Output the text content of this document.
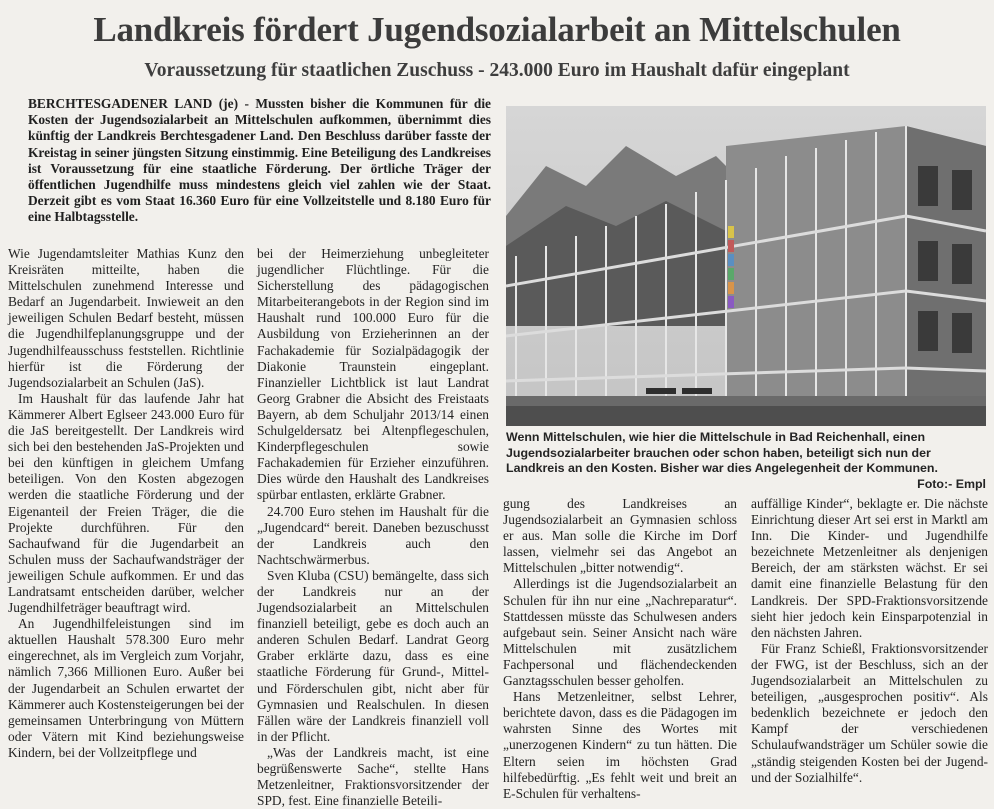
Landkreis fördert Jugendsozialarbeit an Mittelschulen
Voraussetzung für staatlichen Zuschuss - 243.000 Euro im Haushalt dafür eingeplant

BERCHTESGADENER LAND (je) - Mussten bisher die Kommunen für die Kosten der Jugendsozialarbeit an Mittelschulen aufkommen, übernimmt dies künftig der Landkreis Berchtesgadener Land. Den Beschluss darüber fasste der Kreistag in seiner jüngsten Sitzung einstimmig. Eine Beteiligung des Landkreises ist Voraussetzung für eine staatliche Förderung. Der örtliche Träger der öffentlichen Jugendhilfe muss mindestens gleich viel zahlen wie der Staat. Derzeit gibt es vom Staat 16.360 Euro für eine Vollzeitstelle und 8.180 Euro für eine Halbtagsstelle.

Wie Jugendamtsleiter Mathias Kunz den Kreisräten mitteilte, haben die Mittelschulen zunehmend Interesse und Bedarf an Jugendarbeit. Inwieweit an den jeweiligen Schulen Bedarf besteht, müssen die Jugendhilfeplanungsgruppe und der Jugendhilfeausschuss feststellen. Richtlinie hierfür ist die Förderung der Jugendsozialarbeit an Schulen (JaS).

Im Haushalt für das laufende Jahr hat Kämmerer Albert Eglseer 243.000 Euro für die JaS bereitgestellt. Der Landkreis wird sich bei den bestehenden JaS-Projekten und bei den künftigen in gleichem Umfang beteiligen. Von den Kosten abgezogen werden die staatliche Förderung und der Eigenanteil der Freien Träger, die die Projekte durchführen. Für den Sachaufwand für die Jugendarbeit an Schulen muss der Sachaufwandsträger der jeweiligen Schule aufkommen. Er und das Landratsamt entscheiden darüber, welcher Jugendhilfeträger beauftragt wird.

An Jugendhilfeleistungen sind im aktuellen Haushalt 578.300 Euro mehr eingerechnet, als im Vergleich zum Vorjahr, nämlich 7,366 Millionen Euro. Außer bei der Jugendarbeit an Schulen erwartet der Kämmerer auch Kostensteigerungen bei der gemeinsamen Unterbringung von Müttern oder Vätern mit Kind beziehungsweise Kindern, bei der Vollzeitpflege und

bei der Heimerziehung unbegleiteter jugendlicher Flüchtlinge. Für die Sicherstellung des pädagogischen Mitarbeiterangebots in der Region sind im Haushalt rund 100.000 Euro für die Ausbildung von Erzieherinnen an der Fachakademie für Sozialpädagogik der Diakonie Traunstein eingeplant. Finanzieller Lichtblick ist laut Landrat Georg Grabner die Absicht des Freistaats Bayern, ab dem Schuljahr 2013/14 einen Schulgeldersatz bei Altenpflegeschulen, Kinderpflegeschulen sowie Fachakademien für Erzieher einzuführen. Dies würde den Haushalt des Landkreises spürbar entlasten, erklärte Grabner.

24.700 Euro stehen im Haushalt für die „Jugendcard“ bereit. Daneben bezuschusst der Landkreis auch den Nachtschwärmerbus.

Sven Kluba (CSU) bemängelte, dass sich der Landkreis nur an der Jugendsozialarbeit an Mittelschulen finanziell beteiligt, gebe es doch auch an anderen Schulen Bedarf. Landrat Georg Graber erklärte dazu, dass es eine staatliche Förderung für Grund-, Mittel- und Förderschulen gibt, nicht aber für Gymnasien und Realschulen. In diesen Fällen wäre der Landkreis finanziell voll in der Pflicht.

„Was der Landkreis macht, ist eine begrüßenswerte Sache“, stellte Hans Metzenleitner, Fraktionsvorsitzender der SPD, fest. Eine finanzielle Beteili-

Wenn Mittelschulen, wie hier die Mittelschule in Bad Reichenhall, einen Jugendsozialarbeiter brauchen oder schon haben, beteiligt sich nun der Landkreis an den Kosten. Bisher war dies Angelegenheit der Kommunen.
Foto:- Empl

gung des Landkreises an Jugendsozialarbeit an Gymnasien schloss er aus. Man solle die Kirche im Dorf lassen, vielmehr sei das Angebot an Mittelschulen „bitter notwendig“.

Allerdings ist die Jugendsozialarbeit an Schulen für ihn nur eine „Nachreparatur“. Stattdessen müsste das Schulwesen anders aufgebaut sein. Seiner Ansicht nach wäre Mittelschulen mit zusätzlichem Fachpersonal und flächendeckenden Ganztagsschulen besser geholfen.

Hans Metzenleitner, selbst Lehrer, berichtete davon, dass es die Pädagogen im wahrsten Sinne des Wortes mit „unerzogenen Kindern“ zu tun hätten. Die Eltern seien im höchsten Grad hilfebedürftig. „Es fehlt weit und breit an E-Schulen für verhaltens-

auffällige Kinder“, beklagte er. Die nächste Einrichtung dieser Art sei erst in Marktl am Inn. Die Kinder- und Jugendhilfe bezeichnete Metzenleitner als denjenigen Bereich, der am stärksten wächst. Er sei damit eine finanzielle Belastung für den Landkreis. Der SPD-Fraktionsvorsitzende sieht hier jedoch kein Einsparpotenzial in den nächsten Jahren.

Für Franz Schießl, Fraktionsvorsitzender der FWG, ist der Beschluss, sich an der Jugendsozialarbeit an Mittelschulen zu beteiligen, „ausgesprochen positiv“. Als bedenklich bezeichnete er jedoch den Kampf der verschiedenen Schulaufwandsträger um Schüler sowie die „ständig steigenden Kosten bei der Jugend- und der Sozialhilfe“.
